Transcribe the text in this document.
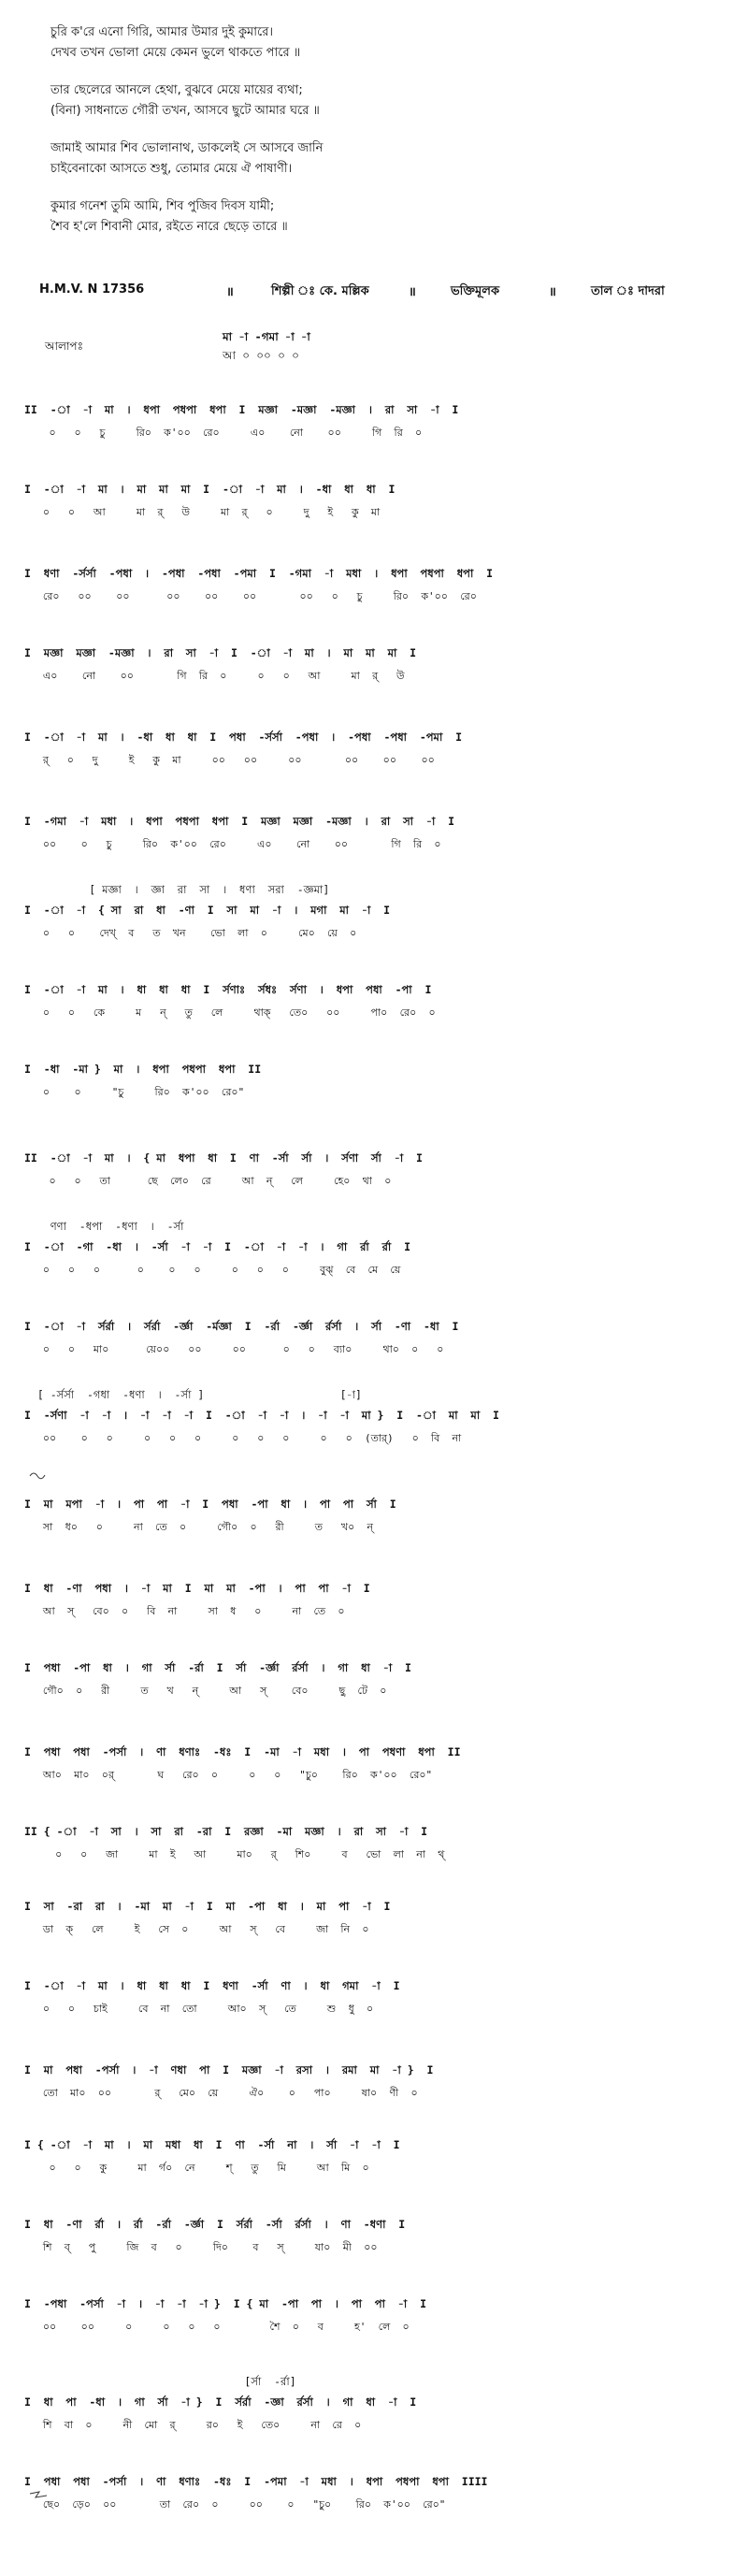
চুরি ক'রে এনো গিরি, আমার উমার দুই কুমারে।
দেখব তখন ভোলা মেয়ে কেমন ভুলে থাকতে পারে ॥
তার ছেলেরে আনলে হেথা, বুঝবে মেয়ে মায়ের ব্যথা;
(বিনা) সাধনাতে গৌরী তখন, আসবে ছুটে আমার ঘরে ॥
জামাই আমার শিব ভোলানাথ, ডাকলেই সে আসবে জানি
চাইবেনাকো আসতে শুধু, তোমার মেয়ে ঐ পাষাণী।
কুমার গনেশ তুমি আমি, শিব পুজিব দিবস যামী;
শৈব হ'লে শিবানী মোর, রইতে নারে ছেড়ে তারে ॥
H.M.V. N 17356	॥	শিল্পী ঃ কে. মল্লিক	॥	ভক্তিমূলক	॥	তাল ঃ দাদরা
আলাপঃ
মা -া -গমা -া -া
আ ০ ০০ ০ ০
II  -া  -া  মা  ।  ধপা  পধপা  ধপা  I  মজ্ঞা  -মজ্ঞা  -মজ্ঞা  ।  রা  সা  -া  I
০   ০   চু     রি০  ক'০০  রে০     এ০    নো    ০০     গি  রি  ০
I  -া  -া  মা  ।  মা  মা  মা  I  -া  -া  মা  ।  -ধা  ধা  ধা  I
০   ০   আ     মা  র্   উ     মা  র্   ০     দু   ই   কু  মা
I  ধণা  -র্সর্সা  -পধা  ।  -পধা  -পধা  -পমা  I  -গমা  -া  মধা  ।  ধপা  পধপা  ধপা  I
রে০   ০০    ০০      ০০    ০০    ০০       ০০   ০   চু     রি০  ক'০০  রে০
I  মজ্ঞা  মজ্ঞা  -মজ্ঞা  ।  রা  সা  -া  I  -া  -া  মা  ।  মা  মা  মা  I
এ০    নো    ০০       গি  রি  ০     ০   ০   আ     মা  র্   উ
I  -া  -া  মা  ।  -ধা  ধা  ধা  I  পধা  -র্সর্সা  -পধা  ।  -পধা  -পধা  -পমা  I
র্   ০   দু     ই   কু  মা     ০০   ০০     ০০       ০০    ০০    ০০
I  -গমা  -া  মধা  ।  ধপা  পধপা  ধপা  I  মজ্ঞা  মজ্ঞা  -মজ্ঞা  ।  রা  সা  -া  I
০০    ০   চু     রি০  ক'০০  রে০     এ০    নো    ০০       গি  রি  ০
[ মজ্ঞা  ।  জ্ঞা  রা  সা  ।  ধণা  সরা  -জ্ঞমা]
I  -া  -া  { সা  রা  ধা  -ণা  I  সা  মা  -া  ।  মগা  মা  -া  I
০   ০    দেখ্  ব   ত  খন    ভো  লা  ০     মে০  য়ে  ০
I  -া  -া  মা  ।  ধা  ধা  ধা  I  র্সণাঃ  র্সধঃ  র্সণা  ।  ধপা  পধা  -পা  I
০   ০   কে     ম   ন্   তু   লে     থাক্   তে০   ০০     পা০  রে০  ০
I  -ধা  -মা }  মা  ।  ধপা  পধপা  ধপা  II
০    ০     "চু     রি০  ক'০০  রে০"
II  -া  -া  মা  ।  { মা  ধপা  ধা  I  ণা  -র্সা  র্সা  ।  র্সণা  র্সা  -া  I
০   ০   তা      ছে  লে০  রে     আ  ন্   লে     হে০  থা  ০
ণণা  -ধপা  -ধণা  ।  -র্সা
I  -া  -গা  -ধা  ।  -র্সা  -া  -া  I  -া  -া  -া  ।  গা  র্রা  র্রা  I
০   ০   ০      ০    ০   ০     ০   ০   ০     বুঝ্  বে  মে  য়ে
I  -া  -া  র্সর্রা  ।  র্সর্রা  -র্জ্ঞা  -র্মজ্ঞা  I  -র্রা  -র্জ্ঞা  র্রর্সা  ।  র্সা  -ণা  -ধা  I
০   ০   মা০      য়ে০০   ০০     ০০      ০   ০   ব্যা০     থা০  ০   ০
[ -র্সর্সা  -গধা  -ধণা  ।  -র্সা ]                     [-া]
I  -র্সণা  -া  -া  ।  -া  -া  -া  I  -া  -া  -া  ।  -া  -া  মা }  I  -া  মা  মা  I
০০    ০   ০     ০   ০   ০     ০   ০   ০     ০   ০  (তার্)   ০  বি  না
I  মা  মপা  -া  ।  পা  পা  -া  I  পধা  -পা  ধা  ।  পা  পা  র্সা  I
সা  ধ০   ০     না  তে  ০     গৌ০  ০   রী     ত   খ০  ন্
I  ধা  -ণা  পধা  ।  -া  মা  I  মা  মা  -পা  ।  পা  পা  -া  I
আ  স্   বে০  ০   বি  না     সা  ধ   ০     না  তে  ০
I  পধা  -পা  ধা  ।  গা  র্সা  -র্রা  I  র্সা  -র্জ্ঞা  র্রর্সা  ।  গা  ধা  -া  I
গৌ০  ০   রী     ত   খ   ন্     আ   স্    বে০     ছু  টে  ০
I  পধা  পধা  -পর্সা  ।  ণা  ধণাঃ  -ধঃ  I  -মা  -া  মধা  ।  পা  পধণা  ধপা  II
আ০  মা০  ০র্       ঘ   রে০  ০     ০   ০   "চু০    রি০  ক'০০  রে০"
II { -া  -া  সা  ।  সা  রা  -রা  I  রজ্ঞা  -মা  মজ্ঞা  ।  রা  সা  -া  I
০   ০   জা     মা  ই   আ     মা০   র্   শি০     ব   ভো  লা  না  থ্
I  সা  -রা  রা  ।  -মা  মা  -া  I  মা  -পা  ধা  ।  মা  পা  -া  I
ডা  ক্   লে     ই   সে  ০     আ   স্   বে     জা  নি  ০
I  -া  -া  মা  ।  ধা  ধা  ধা  I  ধণা  -র্সা  ণা  ।  ধা  গমা  -া  I
০   ০   চাই     বে  না  তো     আ০  স্   তে     শু  ধু  ০
I  মা  পধা  -পর্সা  ।  -া  ণধা  পা  I  মজ্ঞা  -া  রসা  ।  রমা  মা  -া }  I
তো  মা০  ০০       র্   মে০  য়ে     ঐ০    ০   পা০     ষা০  ণী  ০
I { -া  -া  মা  ।  মা  মধা  ধা  I  ণা  -র্সা  না  ।  র্সা  -া  -া  I
০   ০   কু     মা  র্গ০  নে     শ্   তু   মি     আ  মি  ০
I  ধা  -ণা  র্রা  ।  র্রা  -র্রা  -র্জ্ঞা  I  র্সর্রা  -র্সা  র্রর্সা  ।  ণা  -ধণা  I
শি  ব্   পু     জি  ব   ০     দি০    ব   স্     যা০  মী  ০০
I  -পধা  -পর্সা  -া  ।  -া  -া  -া }  I { মা  -পা  পা  ।  পা  পা  -া  I
০০    ০০     ০     ০   ০   ০        শৈ  ০   ব     হ'  লে  ০
[র্সা  -র্রা]
I  ধা  পা  -ধা  ।  গা  র্সা  -া }  I  র্সর্রা  -জ্ঞা  র্রর্সা  ।  গা  ধা  -া  I
শি  বা  ০     নী  মো  র্     র০   ই   তে০     না  রে  ০
I  পধা  পধা  -পর্সা  ।  ণা  ধণাঃ  -ধঃ  I  -পমা  -া  মধা  ।  ধপা  পধপা  ধপা  IIII
ছে০  ড়ে০  ০০       তা  রে০  ০     ০০    ০   "চু০    রি০  ক'০০  রে০"
